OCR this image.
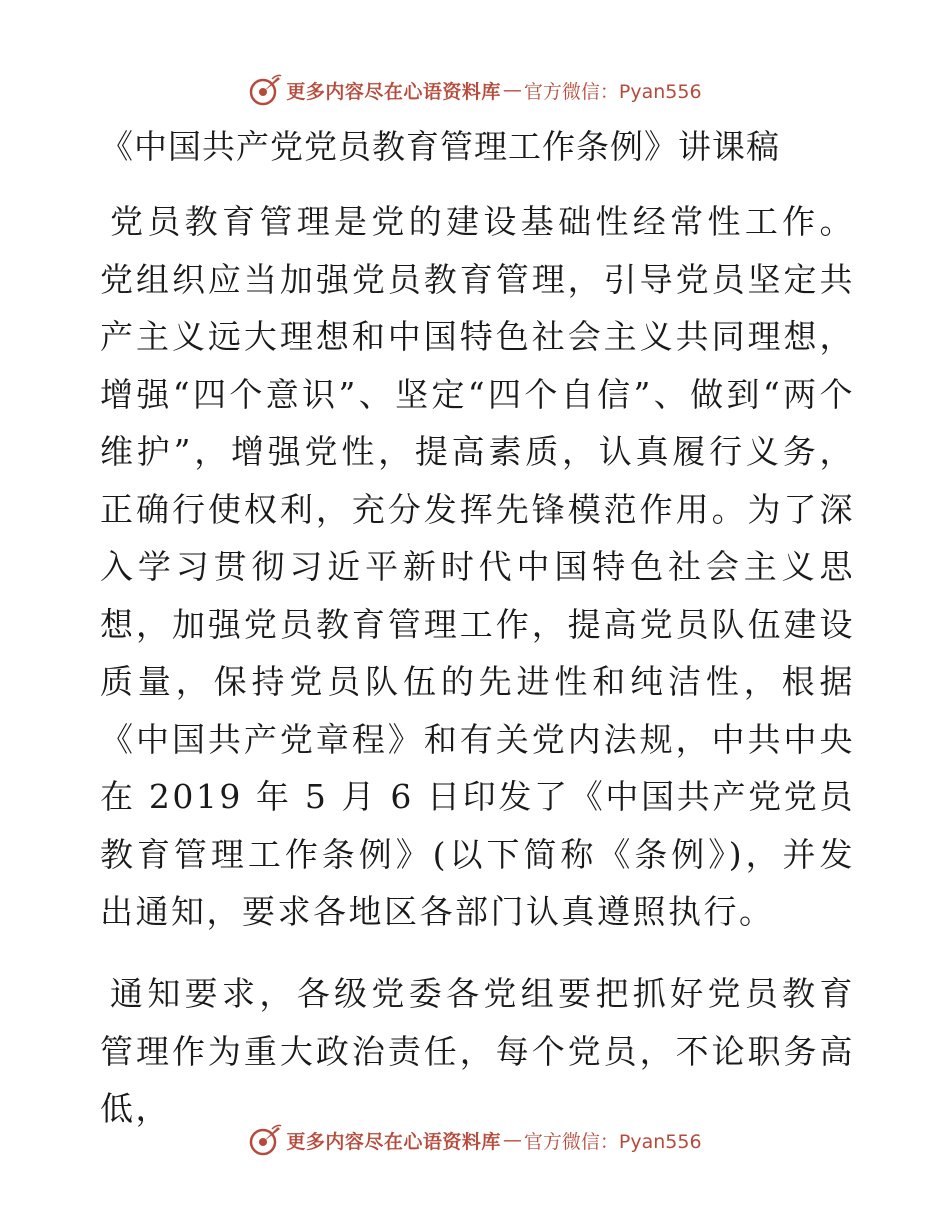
更多内容尽在心语资料库 — 官方微信：Pyan556
《中国共产党党员教育管理工作条例》讲课稿

党员教育管理是党的建设基础性经常性工作。党组织应当加强党员教育管理，引导党员坚定共产主义远大理想和中国特色社会主义共同理想，增强“四个意识”、坚定“四个自信”、做到“两个维护”，增强党性，提高素质，认真履行义务，正确行使权利，充分发挥先锋模范作用。为了深入学习贯彻习近平新时代中国特色社会主义思想，加强党员教育管理工作，提高党员队伍建设质量，保持党员队伍的先进性和纯洁性，根据《中国共产党章程》和有关党内法规，中共中央在 2019 年 5 月 6 日印发了《中国共产党党员教育管理工作条例》(以下简称《条例》)，并发出通知，要求各地区各部门认真遵照执行。

通知要求，各级党委各党组要把抓好党员教育管理作为重大政治责任，每个党员，不论职务高低，

更多内容尽在心语资料库 — 官方微信：Pyan556
